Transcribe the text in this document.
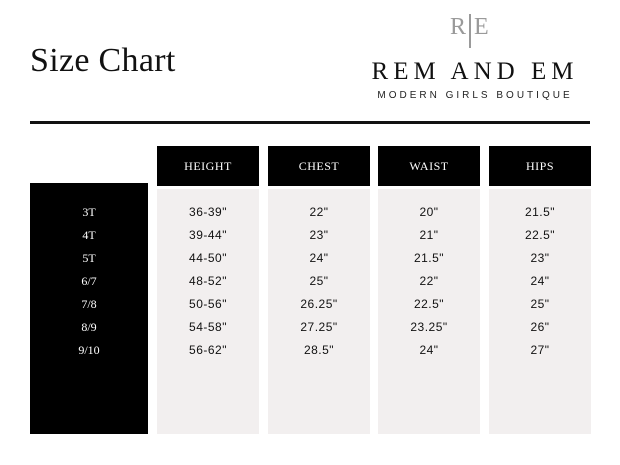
Size Chart
R E
REM AND EM
MODERN GIRLS BOUTIQUE
3T
4T
5T
6/7
7/8
8/9
9/10
HEIGHT
36-39"
39-44"
44-50"
48-52"
50-56"
54-58"
56-62"
CHEST
22"
23"
24"
25"
26.25"
27.25"
28.5"
WAIST
20"
21"
21.5"
22"
22.5"
23.25"
24"
HIPS
21.5"
22.5"
23"
24"
25"
26"
27"
